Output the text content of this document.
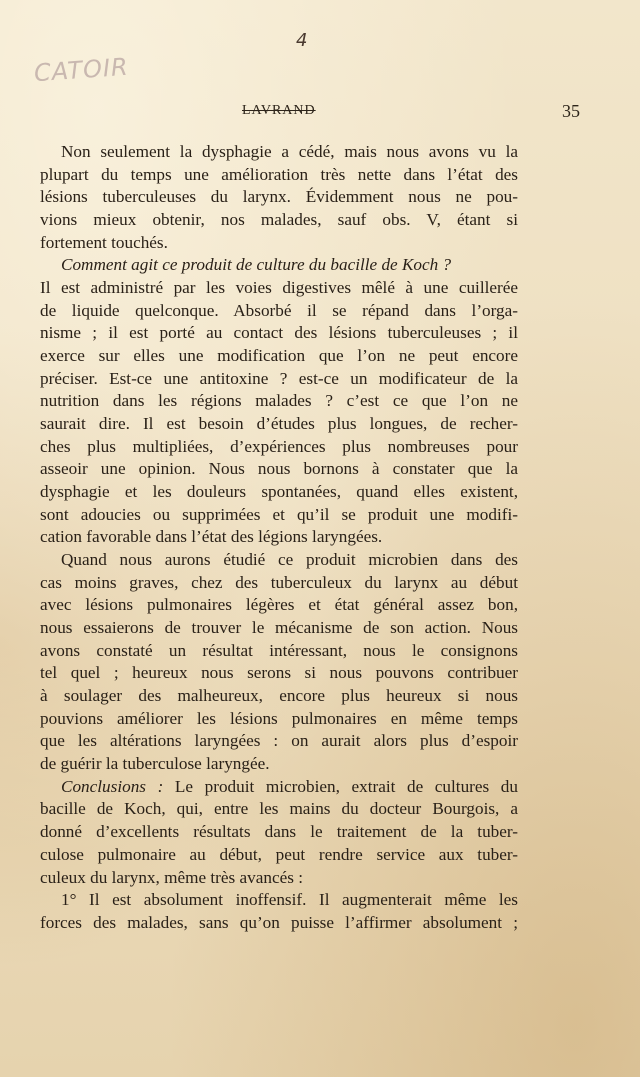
4
CATOIR
LAVRAND	35
Non seulement la dysphagie a cédé, mais nous avons vu la
plupart du temps une amélioration très nette dans l’état des
lésions tuberculeuses du larynx. Évidemment nous ne pou-
vions mieux obtenir, nos malades, sauf obs. V, étant si
fortement touchés.
Comment agit ce produit de culture du bacille de Koch ?
Il est administré par les voies digestives mêlé à une cuillerée
de liquide quelconque. Absorbé il se répand dans l’orga-
nisme ; il est porté au contact des lésions tuberculeuses ; il
exerce sur elles une modification que l’on ne peut encore
préciser. Est-ce une antitoxine ? est-ce un modificateur de la
nutrition dans les régions malades ? c’est ce que l’on ne
saurait dire. Il est besoin d’études plus longues, de recher-
ches plus multipliées, d’expériences plus nombreuses pour
asseoir une opinion. Nous nous bornons à constater que la
dysphagie et les douleurs spontanées, quand elles existent,
sont adoucies ou supprimées et qu’il se produit une modifi-
cation favorable dans l’état des légions laryngées.
Quand nous aurons étudié ce produit microbien dans des
cas moins graves, chez des tuberculeux du larynx au début
avec lésions pulmonaires légères et état général assez bon,
nous essaierons de trouver le mécanisme de son action. Nous
avons constaté un résultat intéressant, nous le consignons
tel quel ; heureux nous serons si nous pouvons contribuer
à soulager des malheureux, encore plus heureux si nous
pouvions améliorer les lésions pulmonaires en même temps
que les altérations laryngées : on aurait alors plus d’espoir
de guérir la tuberculose laryngée.
Conclusions : Le produit microbien, extrait de cultures du
bacille de Koch, qui, entre les mains du docteur Bourgois, a
donné d’excellents résultats dans le traitement de la tuber-
culose pulmonaire au début, peut rendre service aux tuber-
culeux du larynx, même très avancés :
1° Il est absolument inoffensif. Il augmenterait même les
forces des malades, sans qu’on puisse l’affirmer absolument ;
